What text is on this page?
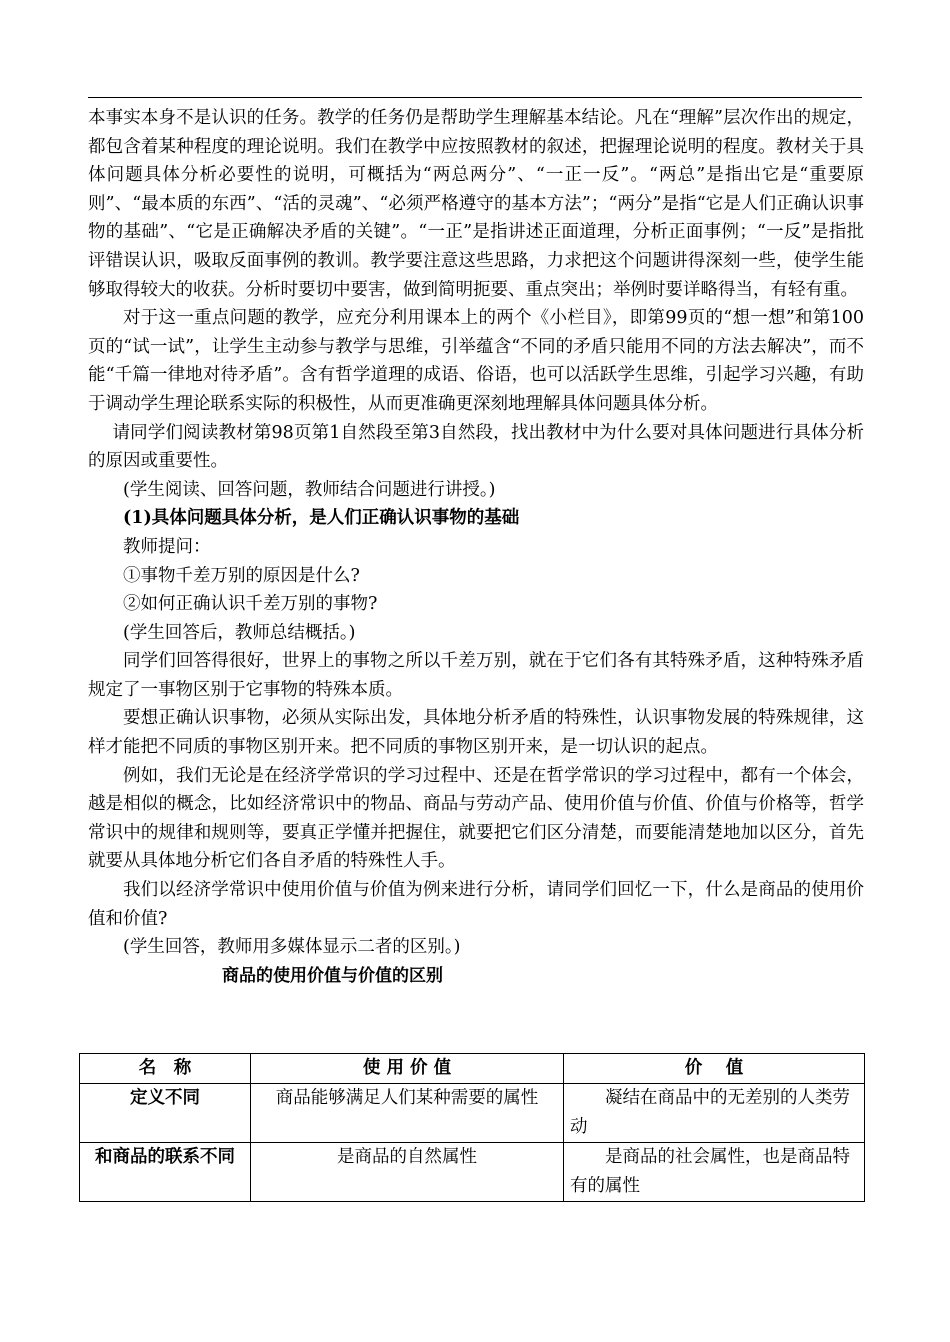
本事实本身不是认识的任务。教学的任务仍是帮助学生理解基本结论。凡在“理解”层次作出的规定，都包含着某种程度的理论说明。我们在教学中应按照教材的叙述，把握理论说明的程度。教材关于具体问题具体分析必要性的说明，可概括为“两总两分”、“一正一反”。“两总”是指出它是“重要原则”、“最本质的东西”、“活的灵魂”、“必须严格遵守的基本方法”；“两分”是指“它是人们正确认识事物的基础”、“它是正确解决矛盾的关键”。“一正”是指讲述正面道理，分析正面事例；“一反”是指批评错误认识，吸取反面事例的教训。教学要注意这些思路，力求把这个问题讲得深刻一些，使学生能够取得较大的收获。分析时要切中要害，做到简明扼要、重点突出；举例时要详略得当，有轻有重。

对于这一重点问题的教学，应充分利用课本上的两个《小栏目》，即第99页的“想一想”和第100页的“试一试”，让学生主动参与教学与思维，引举蕴含“不同的矛盾只能用不同的方法去解决”，而不能“千篇一律地对待矛盾”。含有哲学道理的成语、俗语，也可以活跃学生思维，引起学习兴趣，有助于调动学生理论联系实际的积极性，从而更准确更深刻地理解具体问题具体分析。

请同学们阅读教材第98页第1自然段至第3自然段，找出教材中为什么要对具体问题进行具体分析的原因或重要性。

(学生阅读、回答问题，教师结合问题进行讲授。)

(1)具体问题具体分析，是人们正确认识事物的基础

教师提问：

①事物千差万别的原因是什么?

②如何正确认识千差万别的事物?

(学生回答后，教师总结概括。)

同学们回答得很好，世界上的事物之所以千差万别，就在于它们各有其特殊矛盾，这种特殊矛盾规定了一事物区别于它事物的特殊本质。

要想正确认识事物，必须从实际出发，具体地分析矛盾的特殊性，认识事物发展的特殊规律，这样才能把不同质的事物区别开来。把不同质的事物区别开来，是一切认识的起点。

例如，我们无论是在经济学常识的学习过程中、还是在哲学常识的学习过程中，都有一个体会，越是相似的概念，比如经济常识中的物品、商品与劳动产品、使用价值与价值、价值与价格等，哲学常识中的规律和规则等，要真正学懂并把握住，就要把它们区分清楚，而要能清楚地加以区分，首先就要从具体地分析它们各自矛盾的特殊性人手。

我们以经济学常识中使用价值与价值为例来进行分析，请同学们回忆一下，什么是商品的使用价值和价值?

(学生回答，教师用多媒体显示二者的区别。)

商品的使用价值与价值的区别

名　称	使 用 价 值	价　 值
定义不同	商品能够满足人们某种需要的属性	凝结在商品中的无差别的人类劳动
和商品的联系不同	是商品的自然属性	是商品的社会属性，也是商品特有的属性
